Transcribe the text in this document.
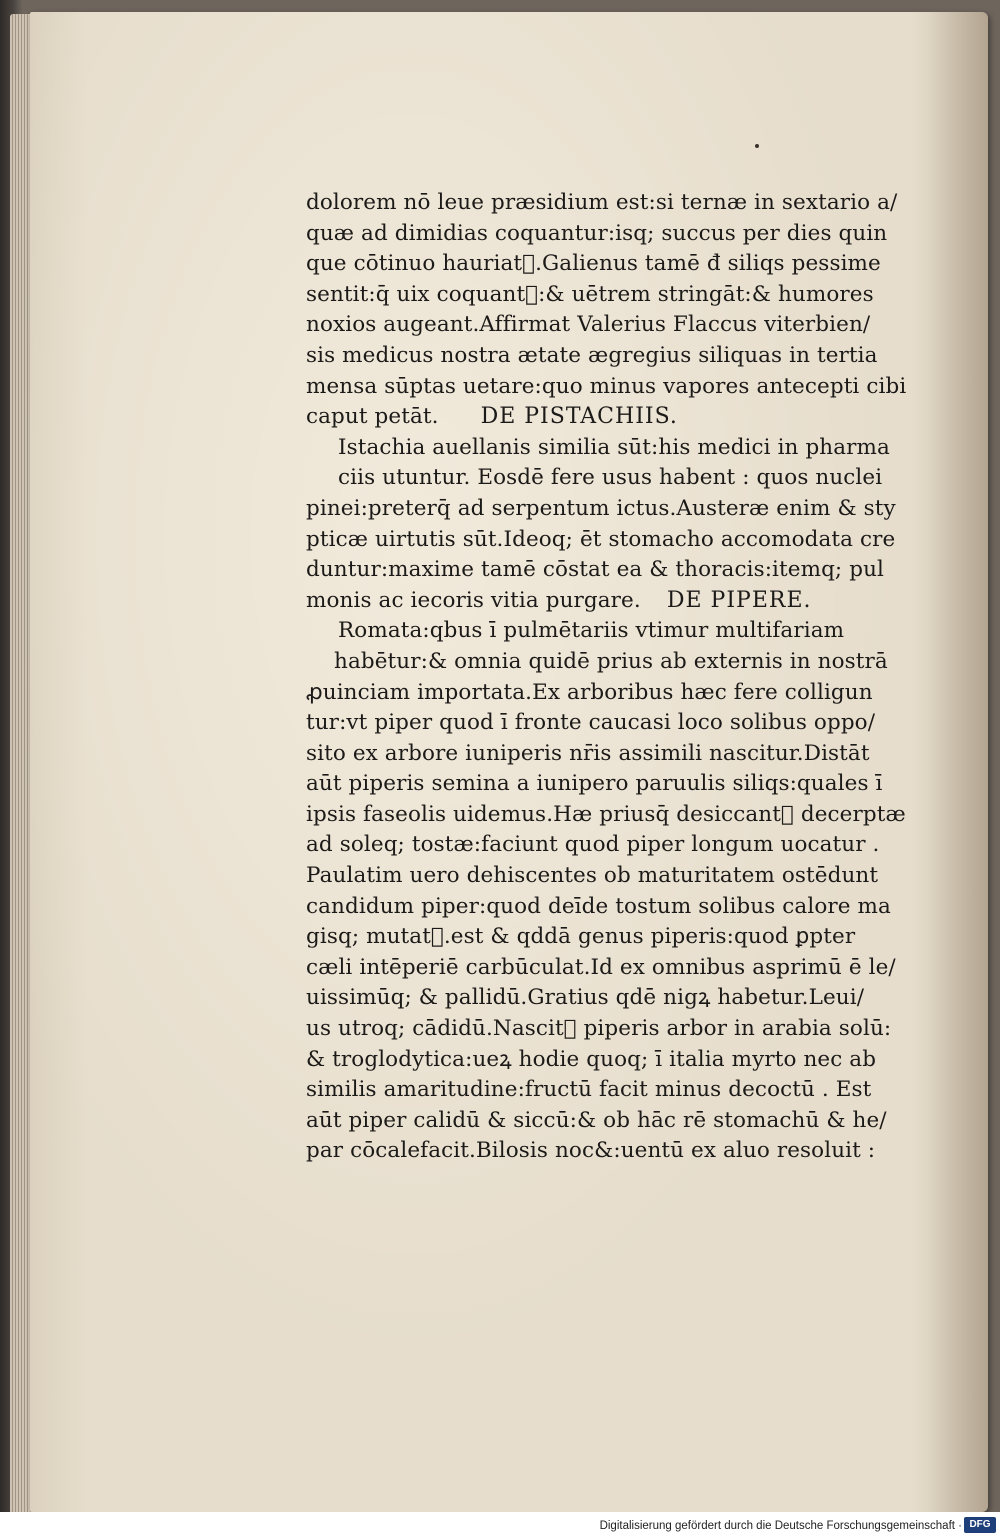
dolorem nō leue præsidium est:si ternæ in sextario a/
quæ ad dimidias coquantur:isq; succus per dies quin
que cōtinuo hauriatᷣ.Galienus tamē đ siliqs pessime
sentit:q̄ uix coquantᷣ:& uētrem stringāt:& humores
noxios augeant.Affirmat Valerius Flaccus viterbien/
sis medicus nostra ætate ægregius siliquas in tertia
mensa sūptas uetare:quo minus vapores antecepti cibi
caput petāt. DE PISTACHIIS.
Istachia auellanis similia sūt:his medici in pharma
ciis utuntur. Eosdē fere usus habent : quos nuclei
pinei:preterq̄ ad serpentum ictus.Austeræ enim & sty
pticæ uirtutis sūt.Ideoq; ēt stomacho accomodata cre
duntur:maxime tamē cōstat ea & thoracis:itemq; pul
monis ac iecoris vitia purgare. DE PIPERE.
Romata:qbus ī pulmētariis vtimur multifariam
habētur:& omnia quidē prius ab externis in nostrā
ꝓuinciam importata.Ex arboribus hæc fere colligun
tur:vt piper quod ī fronte caucasi loco solibus oppo/
sito ex arbore iuniperis nr̄is assimili nascitur.Distāt
aūt piperis semina a iunipero paruulis siliqs:quales ī
ipsis faseolis uidemus.Hæ priusq̄ desiccantᷣ decerptæ
ad soleq; tostæ:faciunt quod piper longum uocatur .
Paulatim uero dehiscentes ob maturitatem ostēdunt
candidum piper:quod deīde tostum solibus calore ma
gisq; mutatᷣ.est & qddā genus piperis:quod ꝑpter
cæli intēperiē carbūculat.Id ex omnibus asprimū ē le/
uissimūq; & pallidū.Gratius qdē nigꝝ habetur.Leui/
us utroq; cādidū.Nascitᷣ piperis arbor in arabia solū:
& troglodytica:ueꝝ hodie quoq; ī italia myrto nec ab
similis amaritudine:fructū facit minus decoctū . Est
aūt piper calidū & siccū:& ob hāc rē stomachū & he/
par cōcalefacit.Bilosis noc&:uentū ex aluo resoluit :
Digitalisierung gefördert durch die Deutsche Forschungsgemeinschaft · DFG
